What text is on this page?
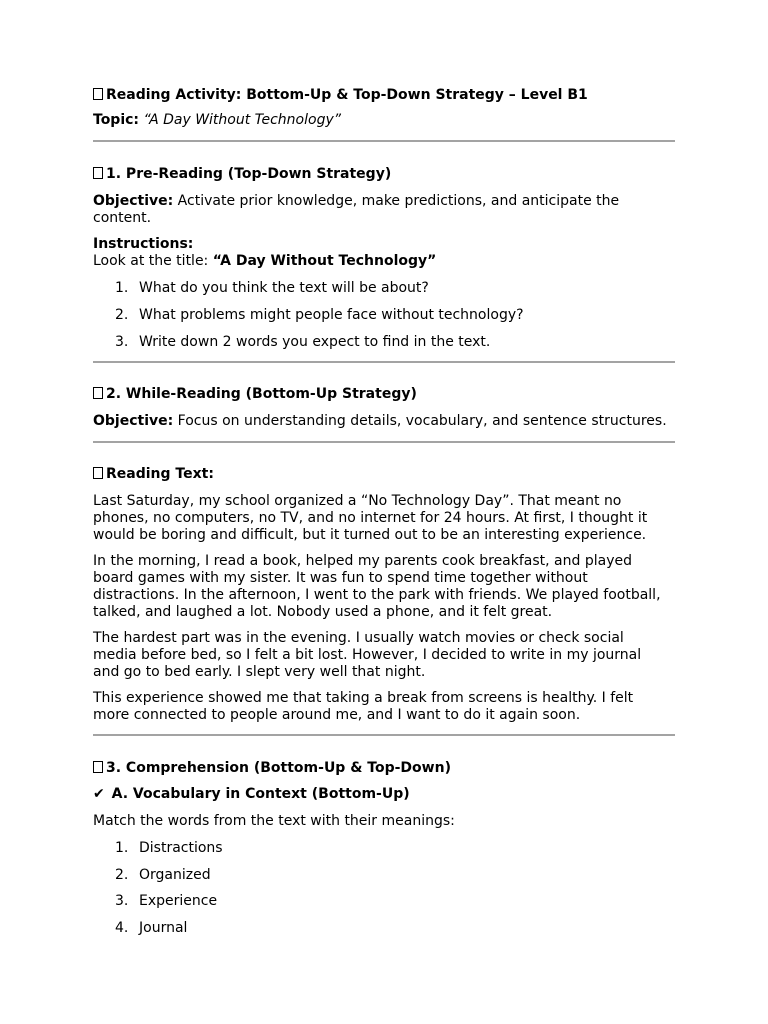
Reading Activity: Bottom-Up & Top-Down Strategy – Level B1
Topic: “A Day Without Technology”
1. Pre-Reading (Top-Down Strategy)
Objective: Activate prior knowledge, make predictions, and anticipate the
content.
Instructions:
Look at the title: “A Day Without Technology”
1. What do you think the text will be about?
2. What problems might people face without technology?
3. Write down 2 words you expect to find in the text.
2. While-Reading (Bottom-Up Strategy)
Objective: Focus on understanding details, vocabulary, and sentence structures.
Reading Text:

Last Saturday, my school organized a “No Technology Day”. That meant no
phones, no computers, no TV, and no internet for 24 hours. At first, I thought it
would be boring and difficult, but it turned out to be an interesting experience.

In the morning, I read a book, helped my parents cook breakfast, and played
board games with my sister. It was fun to spend time together without
distractions. In the afternoon, I went to the park with friends. We played football,
talked, and laughed a lot. Nobody used a phone, and it felt great.

The hardest part was in the evening. I usually watch movies or check social
media before bed, so I felt a bit lost. However, I decided to write in my journal
and go to bed early. I slept very well that night.

This experience showed me that taking a break from screens is healthy. I felt
more connected to people around me, and I want to do it again soon.

3. Comprehension (Bottom-Up & Top-Down)
✔ A. Vocabulary in Context (Bottom-Up)
Match the words from the text with their meanings:
1. Distractions
2. Organized
3. Experience
4. Journal
